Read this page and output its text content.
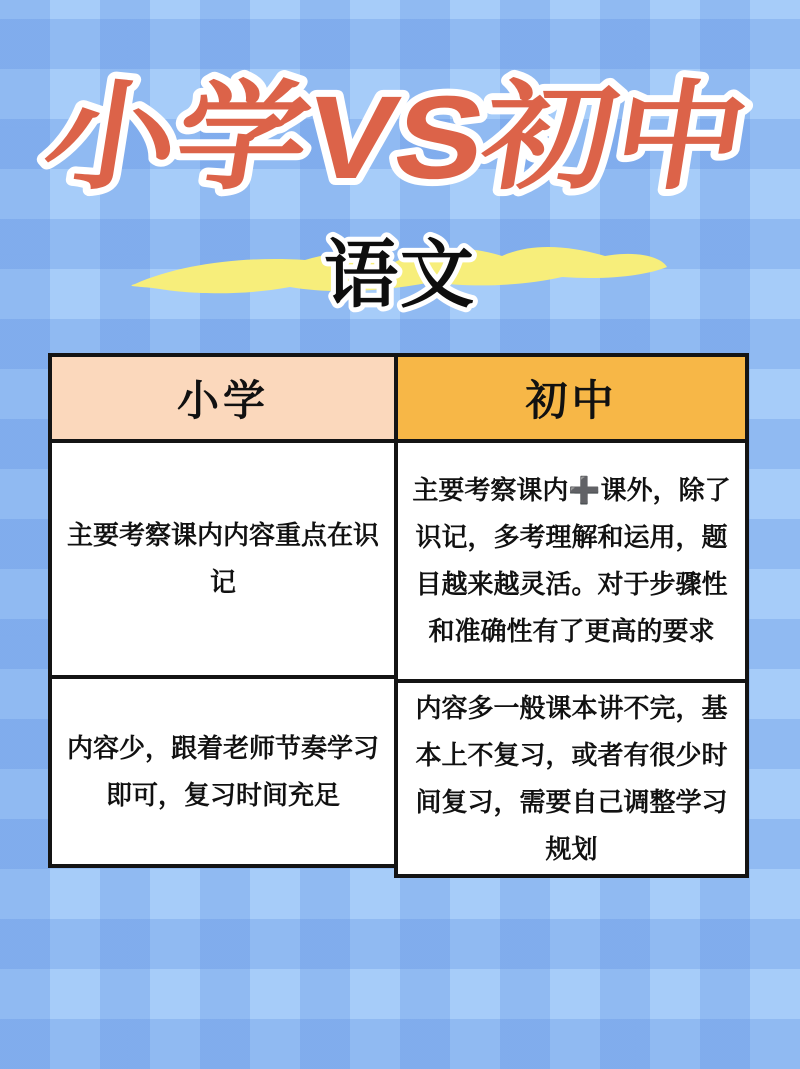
小学VS初中
语文
小学
主要考察课内内容重点在识记
内容少，跟着老师节奏学习即可，复习时间充足
初中
主要考察课内➕课外，除了识记，多考理解和运用，题目越来越灵活。对于步骤性和准确性有了更高的要求
内容多一般课本讲不完，基本上不复习，或者有很少时间复习，需要自己调整学习规划
